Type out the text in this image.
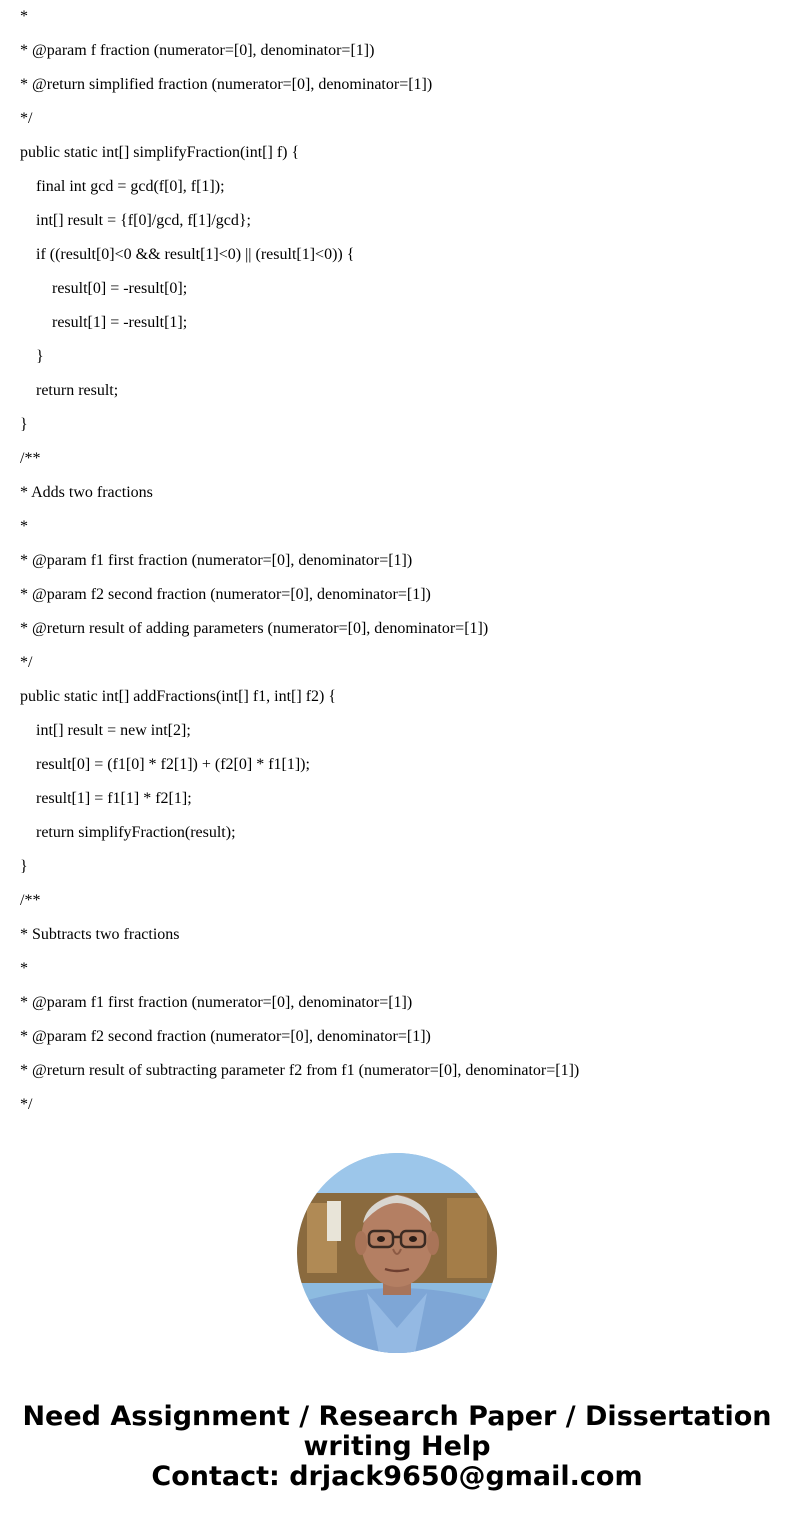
*
* @param f fraction (numerator=[0], denominator=[1])
* @return simplified fraction (numerator=[0], denominator=[1])
*/
public static int[] simplifyFraction(int[] f) {
final int gcd = gcd(f[0], f[1]);
int[] result = {f[0]/gcd, f[1]/gcd};
if ((result[0]<0 && result[1]<0) || (result[1]<0)) {
result[0] = -result[0];
result[1] = -result[1];
}
return result;
}
/**
* Adds two fractions
*
* @param f1 first fraction (numerator=[0], denominator=[1])
* @param f2 second fraction (numerator=[0], denominator=[1])
* @return result of adding parameters (numerator=[0], denominator=[1])
*/
public static int[] addFractions(int[] f1, int[] f2) {
int[] result = new int[2];
result[0] = (f1[0] * f2[1]) + (f2[0] * f1[1]);
result[1] = f1[1] * f2[1];
return simplifyFraction(result);
}
/**
* Subtracts two fractions
*
* @param f1 first fraction (numerator=[0], denominator=[1])
* @param f2 second fraction (numerator=[0], denominator=[1])
* @return result of subtracting parameter f2 from f1 (numerator=[0], denominator=[1])
*/
Need Assignment / Research Paper / Dissertation
writing Help
Contact: drjack9650@gmail.com
